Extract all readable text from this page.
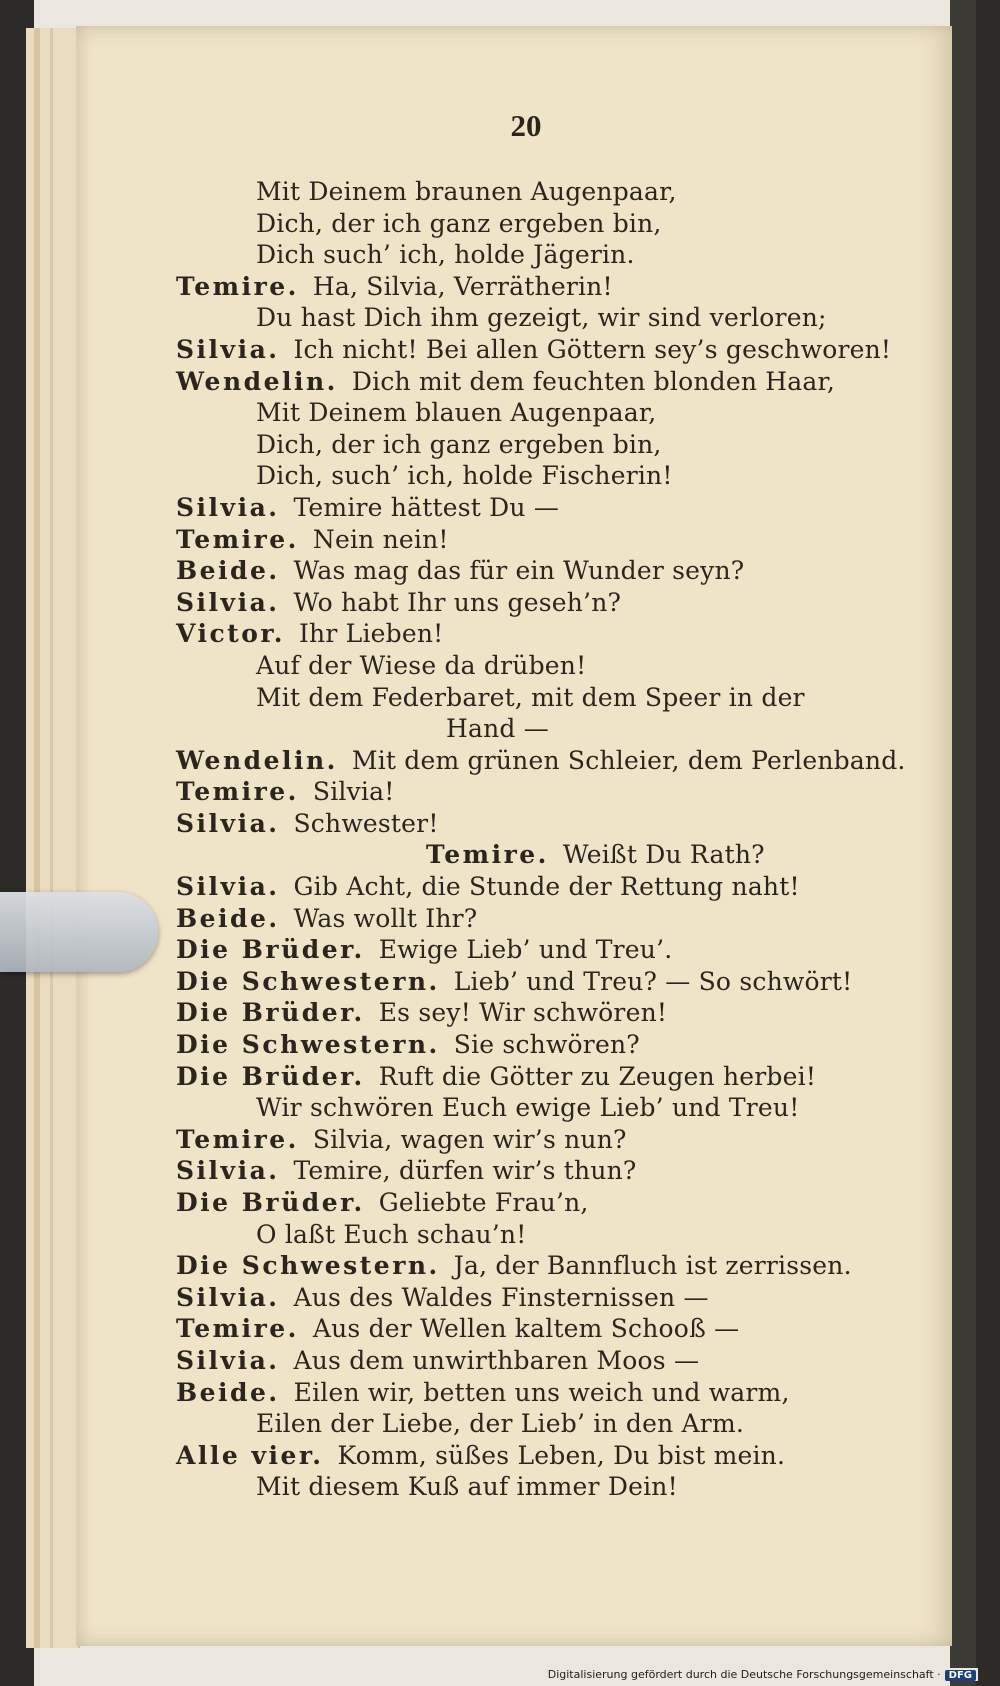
20
Mit Deinem braunen Augenpaar,
Dich, der ich ganz ergeben bin,
Dich such’ ich, holde Jägerin.
Temire. Ha, Silvia, Verrätherin!
Du hast Dich ihm gezeigt, wir sind verloren;
Silvia. Ich nicht! Bei allen Göttern sey’s geschworen!
Wendelin. Dich mit dem feuchten blonden Haar,
Mit Deinem blauen Augenpaar,
Dich, der ich ganz ergeben bin,
Dich, such’ ich, holde Fischerin!
Silvia. Temire hättest Du —
Temire. Nein nein!
Beide. Was mag das für ein Wunder seyn?
Silvia. Wo habt Ihr uns geseh’n?
Victor. Ihr Lieben!
Auf der Wiese da drüben!
Mit dem Federbaret, mit dem Speer in der
Hand —
Wendelin. Mit dem grünen Schleier, dem Perlenband.
Temire. Silvia!
Silvia. Schwester!
Temire. Weißt Du Rath?
Silvia. Gib Acht, die Stunde der Rettung naht!
Beide. Was wollt Ihr?
Die Brüder. Ewige Lieb’ und Treu’.
Die Schwestern. Lieb’ und Treu? — So schwört!
Die Brüder. Es sey! Wir schwören!
Die Schwestern. Sie schwören?
Die Brüder. Ruft die Götter zu Zeugen herbei!
Wir schwören Euch ewige Lieb’ und Treu!
Temire. Silvia, wagen wir’s nun?
Silvia. Temire, dürfen wir’s thun?
Die Brüder. Geliebte Frau’n,
O laßt Euch schau’n!
Die Schwestern. Ja, der Bannfluch ist zerrissen.
Silvia. Aus des Waldes Finsternissen —
Temire. Aus der Wellen kaltem Schooß —
Silvia. Aus dem unwirthbaren Moos —
Beide. Eilen wir, betten uns weich und warm,
Eilen der Liebe, der Lieb’ in den Arm.
Alle vier. Komm, süßes Leben, Du bist mein.
Mit diesem Kuß auf immer Dein!
Digitalisierung gefördert durch die Deutsche Forschungsgemeinschaft · DFG
